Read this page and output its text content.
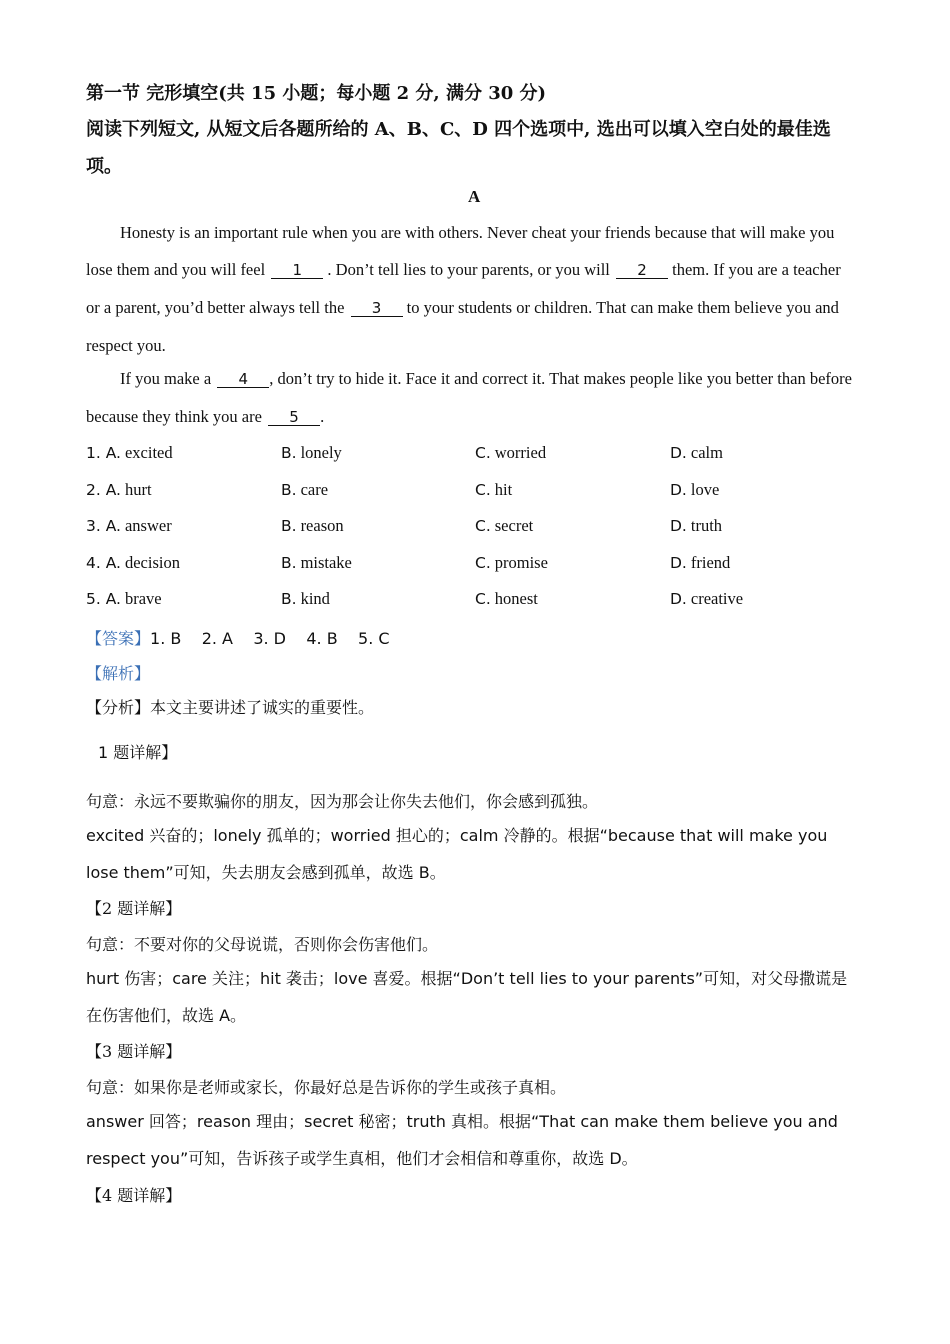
第一节 完形填空(共 15 小题；每小题 2 分, 满分 30 分)
阅读下列短文, 从短文后各题所给的 A、B、C、D 四个选项中, 选出可以填入空白处的最佳选
项。
A
Honesty is an important rule when you are with others. Never cheat your friends because that will make you
lose them and you will feel 1 . Don’t tell lies to your parents, or you will 2 them. If you are a teacher
or a parent, you’d better always tell the 3 to your students or children. That can make them believe you and
respect you.
If you make a 4 , don’t try to hide it. Face it and correct it. That makes people like you better than before
because they think you are 5 .
1. A. excited	B. lonely	C. worried	D. calm
2. A. hurt	B. care	C. hit	D. love
3. A. answer	B. reason	C. secret	D. truth
4. A. decision	B. mistake	C. promise	D. friend
5. A. brave	B. kind	C. honest	D. creative
【答案】1. B    2. A    3. D    4. B    5. C
【解析】
【分析】本文主要讲述了诚实的重要性。
1 题详解】
句意：永远不要欺骗你的朋友，因为那会让你失去他们，你会感到孤独。
excited 兴奋的；lonely 孤单的；worried 担心的；calm 冷静的。根据“because that will make you
lose them”可知，失去朋友会感到孤单，故选 B。
【2 题详解】
句意：不要对你的父母说谎，否则你会伤害他们。
hurt 伤害；care 关注；hit 袭击；love 喜爱。根据“Don’t tell lies to your parents”可知，对父母撒谎是
在伤害他们，故选 A。
【3 题详解】
句意：如果你是老师或家长，你最好总是告诉你的学生或孩子真相。
answer 回答；reason 理由；secret 秘密；truth 真相。根据“That can make them believe you and
respect you”可知，告诉孩子或学生真相，他们才会相信和尊重你，故选 D。
【4 题详解】
